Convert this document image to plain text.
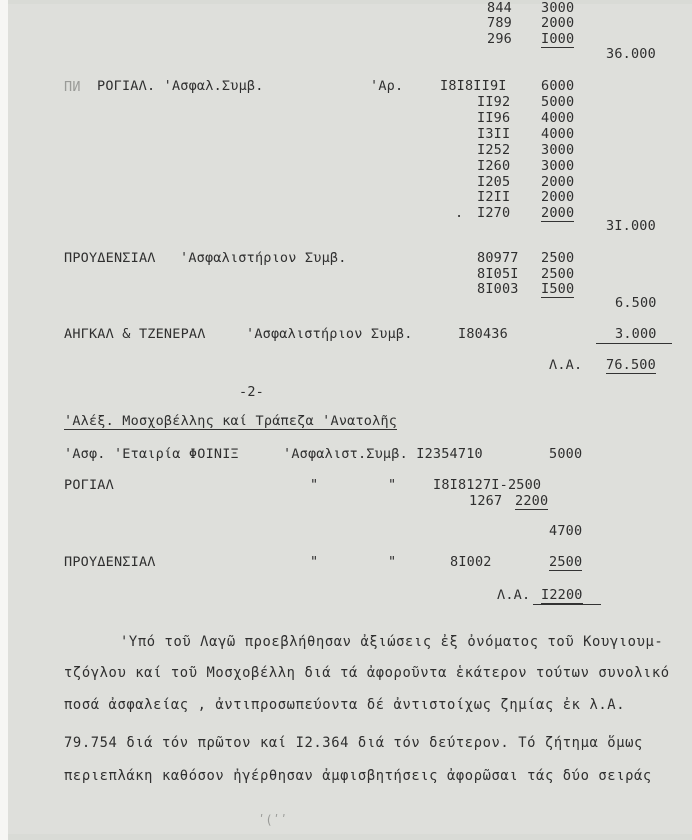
844 3000
789 2000
296 I000
36.000
ПИ ΡΟΓΙΑΛ. 'Ασφαλ.Συμβ.	'Αρ.	I8I8II9I	6000
II92 5000
II96 4000
I3II 4000
I252 3000
I260 3000
I205 2000
I2II 2000
. I270 2000
3I.000
ΠΡΟΥΔΕΝΣΙΑΛ 'Ασφαλιστήριον Συμβ.	80977 2500
8I05I 2500
8I003 I500
6.500
ΑΗΓΚΑΛ & ΤΖΕΝΕΡΑΛ	'Ασφαλιστήριον Συμβ.	I80436	3.000
Λ.Α. 76.500
-2-
'Αλέξ. Μοσχοβέλλης καί Τράπεζα 'Ανατολῆς
'Ασφ. 'Εταιρία ΦΟΙΝΙΞ	'Ασφαλιστ.Συμβ. I2354710	5000
ΡΟΓΙΑΛ	"	"	I8I8127I-2500
1267 2200
4700
ΠΡΟΥΔΕΝΣΙΑΛ	"	"	8I002	2500
Λ.Α. I2200
'Υπό τοῦ Λαγῶ προεβλήθησαν ἀξιώσεις ἐξ ὀνόματος τοῦ Κουγιουμ-
τζόγλου καί τοῦ Μοσχοβέλλη διά τά ἀφοροῦντα ἑκάτερον τούτων συνολικό
ποσά ἀσφαλείας , ἀντιπροσωπεύοντα δέ ἀντιστοίχως ζημίας ἐκ λ.Α.
79.754 διά τόν πρῶτον καί I2.364 διά τόν δεύτερον. Τό ζήτημα ὅμως
περιεπλάκη καθόσον ἠγέρθησαν ἀμφισβητήσεις ἀφορῶσαι τάς δύο σειράς
ʹ(ʹʹ
